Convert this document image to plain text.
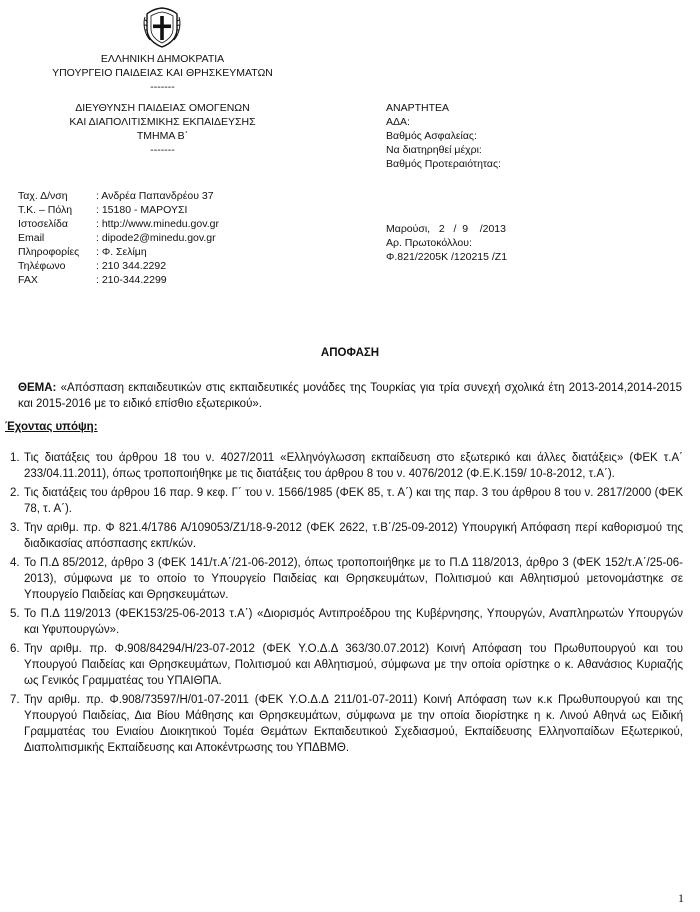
ΕΛΛΗΝΙΚΗ ΔΗΜΟΚΡΑΤΙΑ
ΥΠΟΥΡΓΕΙΟ ΠΑΙΔΕΙΑΣ ΚΑΙ ΘΡΗΣΚΕΥΜΑΤΩΝ
-------
ΔΙΕΥΘΥΝΣΗ ΠΑΙΔΕΙΑΣ ΟΜΟΓΕΝΩΝ
ΚΑΙ ΔΙΑΠΟΛΙΤΙΣΜΙΚΗΣ ΕΚΠΑΙΔΕΥΣΗΣ
ΤΜΗΜΑ Β΄
-------
ΑΝΑΡΤΗΤΕΑ
ΑΔΑ:
Βαθμός Ασφαλείας:
Να διατηρηθεί μέχρι:
Βαθμός Προτεραιότητας:
Ταχ. Δ/νση	: Ανδρέα Παπανδρέου 37
Τ.Κ. – Πόλη	: 15180 - ΜΑΡΟΥΣΙ
Ιστοσελίδα	: http://www.minedu.gov.gr
Email	: dipode2@minedu.gov.gr
Πληροφορίες	: Φ. Σελίμη
Τηλέφωνο	: 210 344.2292
FAX	: 210-344.2299
Μαρούσι,   2   /  9    /2013
Αρ. Πρωτοκόλλου:
Φ.821/2205Κ /120215 /Ζ1
ΑΠΟΦΑΣΗ
ΘΕΜΑ: «Απόσπαση εκπαιδευτικών στις εκπαιδευτικές μονάδες της Τουρκίας για τρία συνεχή σχολικά έτη 2013-2014,2014-2015 και 2015-2016 με το ειδικό επίσθιο εξωτερικού».
Έχοντας υπόψη:
1. Τις διατάξεις του άρθρου 18 του ν. 4027/2011 «Ελληνόγλωσση εκπαίδευση στο εξωτερικό και άλλες διατάξεις» (ΦΕΚ τ.Α΄ 233/04.11.2011), όπως τροποποιήθηκε με τις διατάξεις του άρθρου 8 του ν. 4076/2012 (Φ.Ε.Κ.159/ 10-8-2012, τ.Α΄).
2. Τις διατάξεις του άρθρου 16 παρ. 9 κεφ. Γ΄ του ν. 1566/1985 (ΦΕΚ 85, τ. Α΄) και της παρ. 3 του άρθρου 8 του ν. 2817/2000 (ΦΕΚ 78, τ. Α΄).
3. Την αριθμ. πρ. Φ 821.4/1786 Α/109053/Ζ1/18-9-2012 (ΦΕΚ 2622, τ.Β΄/25-09-2012) Υπουργική Απόφαση περί καθορισμού της διαδικασίας απόσπασης εκπ/κών.
4. Το Π.Δ 85/2012, άρθρο 3 (ΦΕΚ 141/τ.Α΄/21-06-2012), όπως τροποποιήθηκε με το Π.Δ 118/2013, άρθρο 3 (ΦΕΚ 152/τ.Α΄/25-06-2013), σύμφωνα με το οποίο το Υπουργείο Παιδείας και Θρησκευμάτων, Πολιτισμού και Αθλητισμού μετονομάστηκε σε Υπουργείο Παιδείας και Θρησκευμάτων.
5. Το Π.Δ 119/2013 (ΦΕΚ153/25-06-2013 τ.Α΄) «Διορισμός Αντιπροέδρου της Κυβέρνησης, Υπουργών, Αναπληρωτών Υπουργών και Υφυπουργών».
6. Την αριθμ. πρ. Φ.908/84294/Η/23-07-2012 (ΦΕΚ Υ.Ο.Δ.Δ 363/30.07.2012) Κοινή Απόφαση του Πρωθυπουργού και του Υπουργού Παιδείας και Θρησκευμάτων, Πολιτισμού και Αθλητισμού, σύμφωνα με την οποία ορίστηκε ο κ. Αθανάσιος Κυριαζής ως Γενικός Γραμματέας του ΥΠΑΙΘΠΑ.
7. Την αριθμ. πρ. Φ.908/73597/Η/01-07-2011 (ΦΕΚ Υ.Ο.Δ.Δ 211/01-07-2011) Κοινή Απόφαση των κ.κ Πρωθυπουργού και της Υπουργού Παιδείας, Δια Βίου Μάθησης και Θρησκευμάτων, σύμφωνα με την οποία διορίστηκε η κ. Λινού Αθηνά ως Ειδική Γραμματέας του Ενιαίου Διοικητικού Τομέα Θεμάτων Εκπαιδευτικού Σχεδιασμού, Εκπαίδευσης Ελληνοπαίδων Εξωτερικού, Διαπολιτισμικής Εκπαίδευσης και Αποκέντρωσης του ΥΠΔΒΜΘ.
1
